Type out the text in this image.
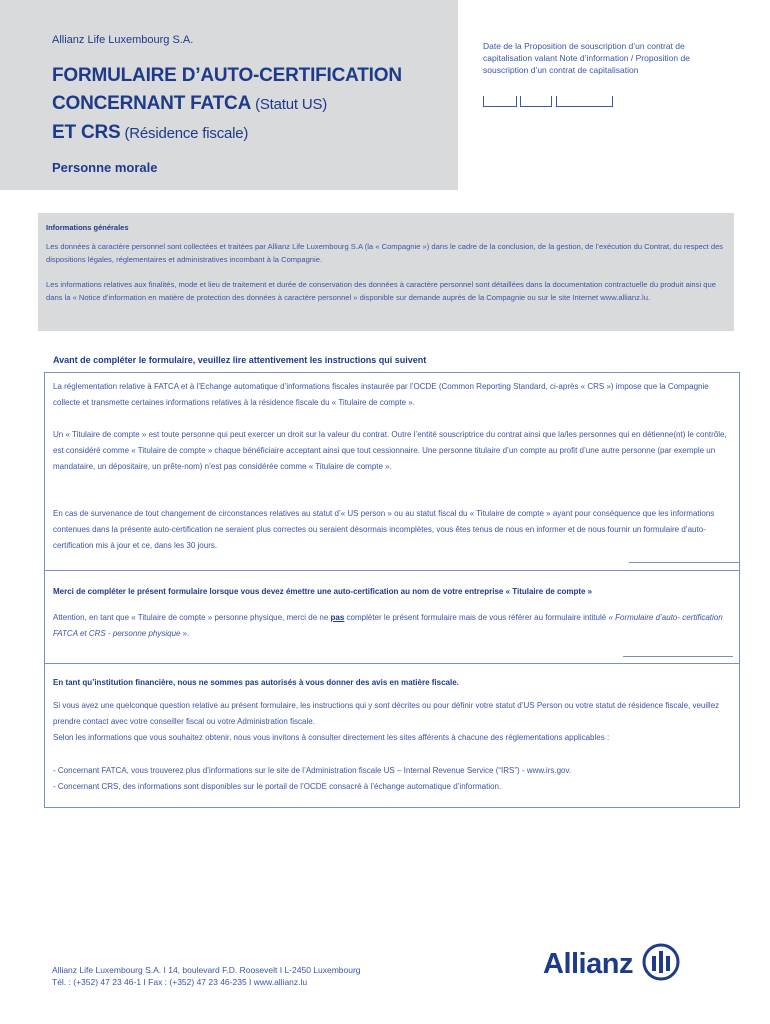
Allianz Life Luxembourg S.A.
FORMULAIRE D’AUTO-CERTIFICATION
CONCERNANT FATCA (Statut US)
ET CRS (Résidence fiscale)
Personne morale
Date de la Proposition de souscription d’un contrat de capitalisation valant Note d’information / Proposition de souscription d’un contrat de capitalisation
Informations générales
Les données à caractère personnel sont collectées et traitées par Allianz Life Luxembourg S.A (la « Compagnie ») dans le cadre de la conclusion, de la gestion, de l’exécution du Contrat, du respect des dispositions légales, réglementaires et administratives incombant à la Compagnie.
Les informations relatives aux finalités, mode et lieu de traitement et durée de conservation des données à caractère personnel sont détaillées dans la documentation contractuelle du produit ainsi que dans la « Notice d’information en matière de protection des données à caractère personnel » disponible sur demande auprès de la Compagnie ou sur le site Internet www.allianz.lu.
Avant de compléter le formulaire, veuillez lire attentivement les instructions qui suivent
La réglementation relative à FATCA et à l’Echange automatique d’informations fiscales instaurée par l’OCDE (Common Reporting Standard, ci-après « CRS ») impose que la Compagnie collecte et transmette certaines informations relatives à la résidence fiscale du « Titulaire de compte ».
Un « Titulaire de compte » est toute personne qui peut exercer un droit sur la valeur du contrat. Outre l’entité souscriptrice du contrat ainsi que la/les personnes qui en détienne(nt) le contrôle, est considéré comme « Titulaire de compte » chaque bénéficiaire acceptant ainsi que tout cessionnaire. Une personne titulaire d’un compte au profit d’une autre personne (par exemple un mandataire, un dépositaire, un prête-nom) n’est pas considérée comme « Titulaire de compte ».
En cas de survenance de tout changement de circonstances relatives au statut d’« US person » ou au statut fiscal du « Titulaire de compte » ayant pour conséquence que les informations contenues dans la présente auto-certification ne seraient plus correctes ou seraient désormais incomplètes, vous êtes tenus de nous en informer et de nous fournir un formulaire d’auto-certification mis à jour et ce, dans les 30 jours.
Merci de compléter le présent formulaire lorsque vous devez émettre une auto-certification au nom de votre entreprise « Titulaire de compte »
Attention, en tant que « Titulaire de compte » personne physique, merci de ne pas compléter le présent formulaire mais de vous référer au formulaire intitulé « Formulaire d’auto- certification FATCA et CRS - personne physique ».
En tant qu’institution financière, nous ne sommes pas autorisés à vous donner des avis en matière fiscale.
Si vous avez une quelconque question relative au présent formulaire, les instructions qui y sont décrites ou pour définir votre statut d’US Person ou votre statut de résidence fiscale, veuillez prendre contact avec votre conseiller fiscal ou votre Administration fiscale.
Selon les informations que vous souhaitez obtenir, nous vous invitons à consulter directement les sites afférents à chacune des réglementations applicables :
- Concernant FATCA, vous trouverez plus d’informations sur le site de l’Administration fiscale US – Internal Revenue Service (“IRS”) - www.irs.gov.
- Concernant CRS, des informations sont disponibles sur le portail de l’OCDE consacré à l’échange automatique d’information.
Allianz Life Luxembourg S.A. I 14, boulevard F.D. Roosevelt I L-2450 Luxembourg
Tél. : (+352) 47 23 46-1 I Fax : (+352) 47 23 46-235 I www.allianz.lu
Allianz
